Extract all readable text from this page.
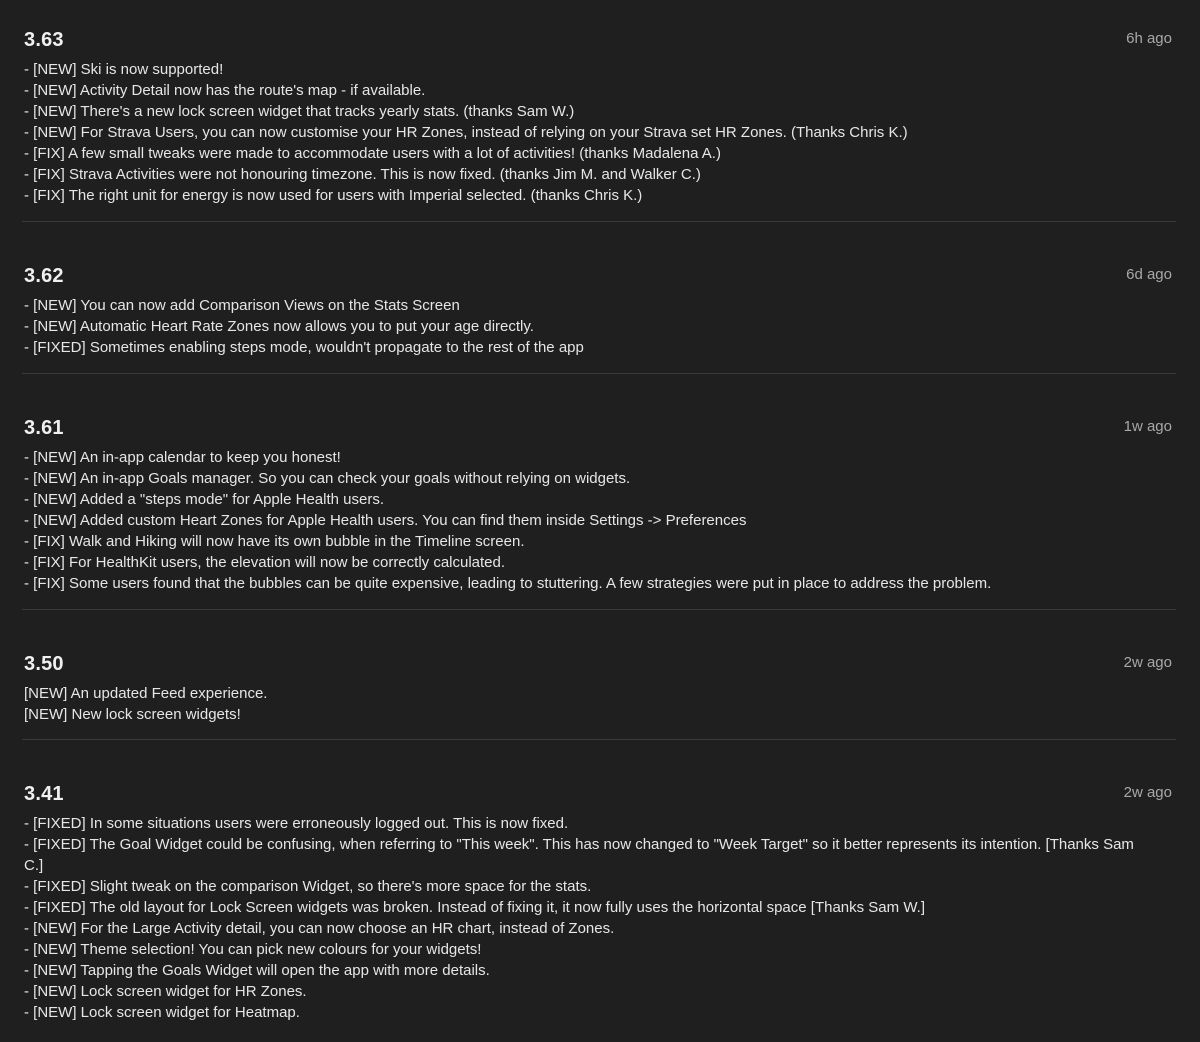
3.63	6h ago
- [NEW] Ski is now supported!
- [NEW] Activity Detail now has the route's map - if available.
- [NEW] There's a new lock screen widget that tracks yearly stats. (thanks Sam W.)
- [NEW] For Strava Users, you can now customise your HR Zones, instead of relying on your Strava set HR Zones. (Thanks Chris K.)
- [FIX] A few small tweaks were made to accommodate users with a lot of activities! (thanks Madalena A.)
- [FIX] Strava Activities were not honouring timezone. This is now fixed. (thanks Jim M. and Walker C.)
- [FIX] The right unit for energy is now used for users with Imperial selected. (thanks Chris K.)
3.62	6d ago
- [NEW] You can now add Comparison Views on the Stats Screen
- [NEW] Automatic Heart Rate Zones now allows you to put your age directly.
- [FIXED] Sometimes enabling steps mode, wouldn't propagate to the rest of the app
3.61	1w ago
- [NEW] An in-app calendar to keep you honest!
- [NEW] An in-app Goals manager. So you can check your goals without relying on widgets.
- [NEW] Added a "steps mode" for Apple Health users.
- [NEW] Added custom Heart Zones for Apple Health users. You can find them inside Settings -> Preferences
- [FIX] Walk and Hiking will now have its own bubble in the Timeline screen.
- [FIX] For HealthKit users, the elevation will now be correctly calculated.
- [FIX] Some users found that the bubbles can be quite expensive, leading to stuttering. A few strategies were put in place to address the problem.
3.50	2w ago
[NEW] An updated Feed experience.
[NEW] New lock screen widgets!
3.41	2w ago
- [FIXED] In some situations users were erroneously logged out. This is now fixed.
- [FIXED] The Goal Widget could be confusing, when referring to "This week". This has now changed to "Week Target" so it better represents its intention. [Thanks Sam C.]
- [FIXED] Slight tweak on the comparison Widget, so there's more space for the stats.
- [FIXED] The old layout for Lock Screen widgets was broken. Instead of fixing it, it now fully uses the horizontal space [Thanks Sam W.]
- [NEW] For the Large Activity detail, you can now choose an HR chart, instead of Zones.
- [NEW] Theme selection! You can pick new colours for your widgets!
- [NEW] Tapping the Goals Widget will open the app with more details.
- [NEW] Lock screen widget for HR Zones.
- [NEW] Lock screen widget for Heatmap.
